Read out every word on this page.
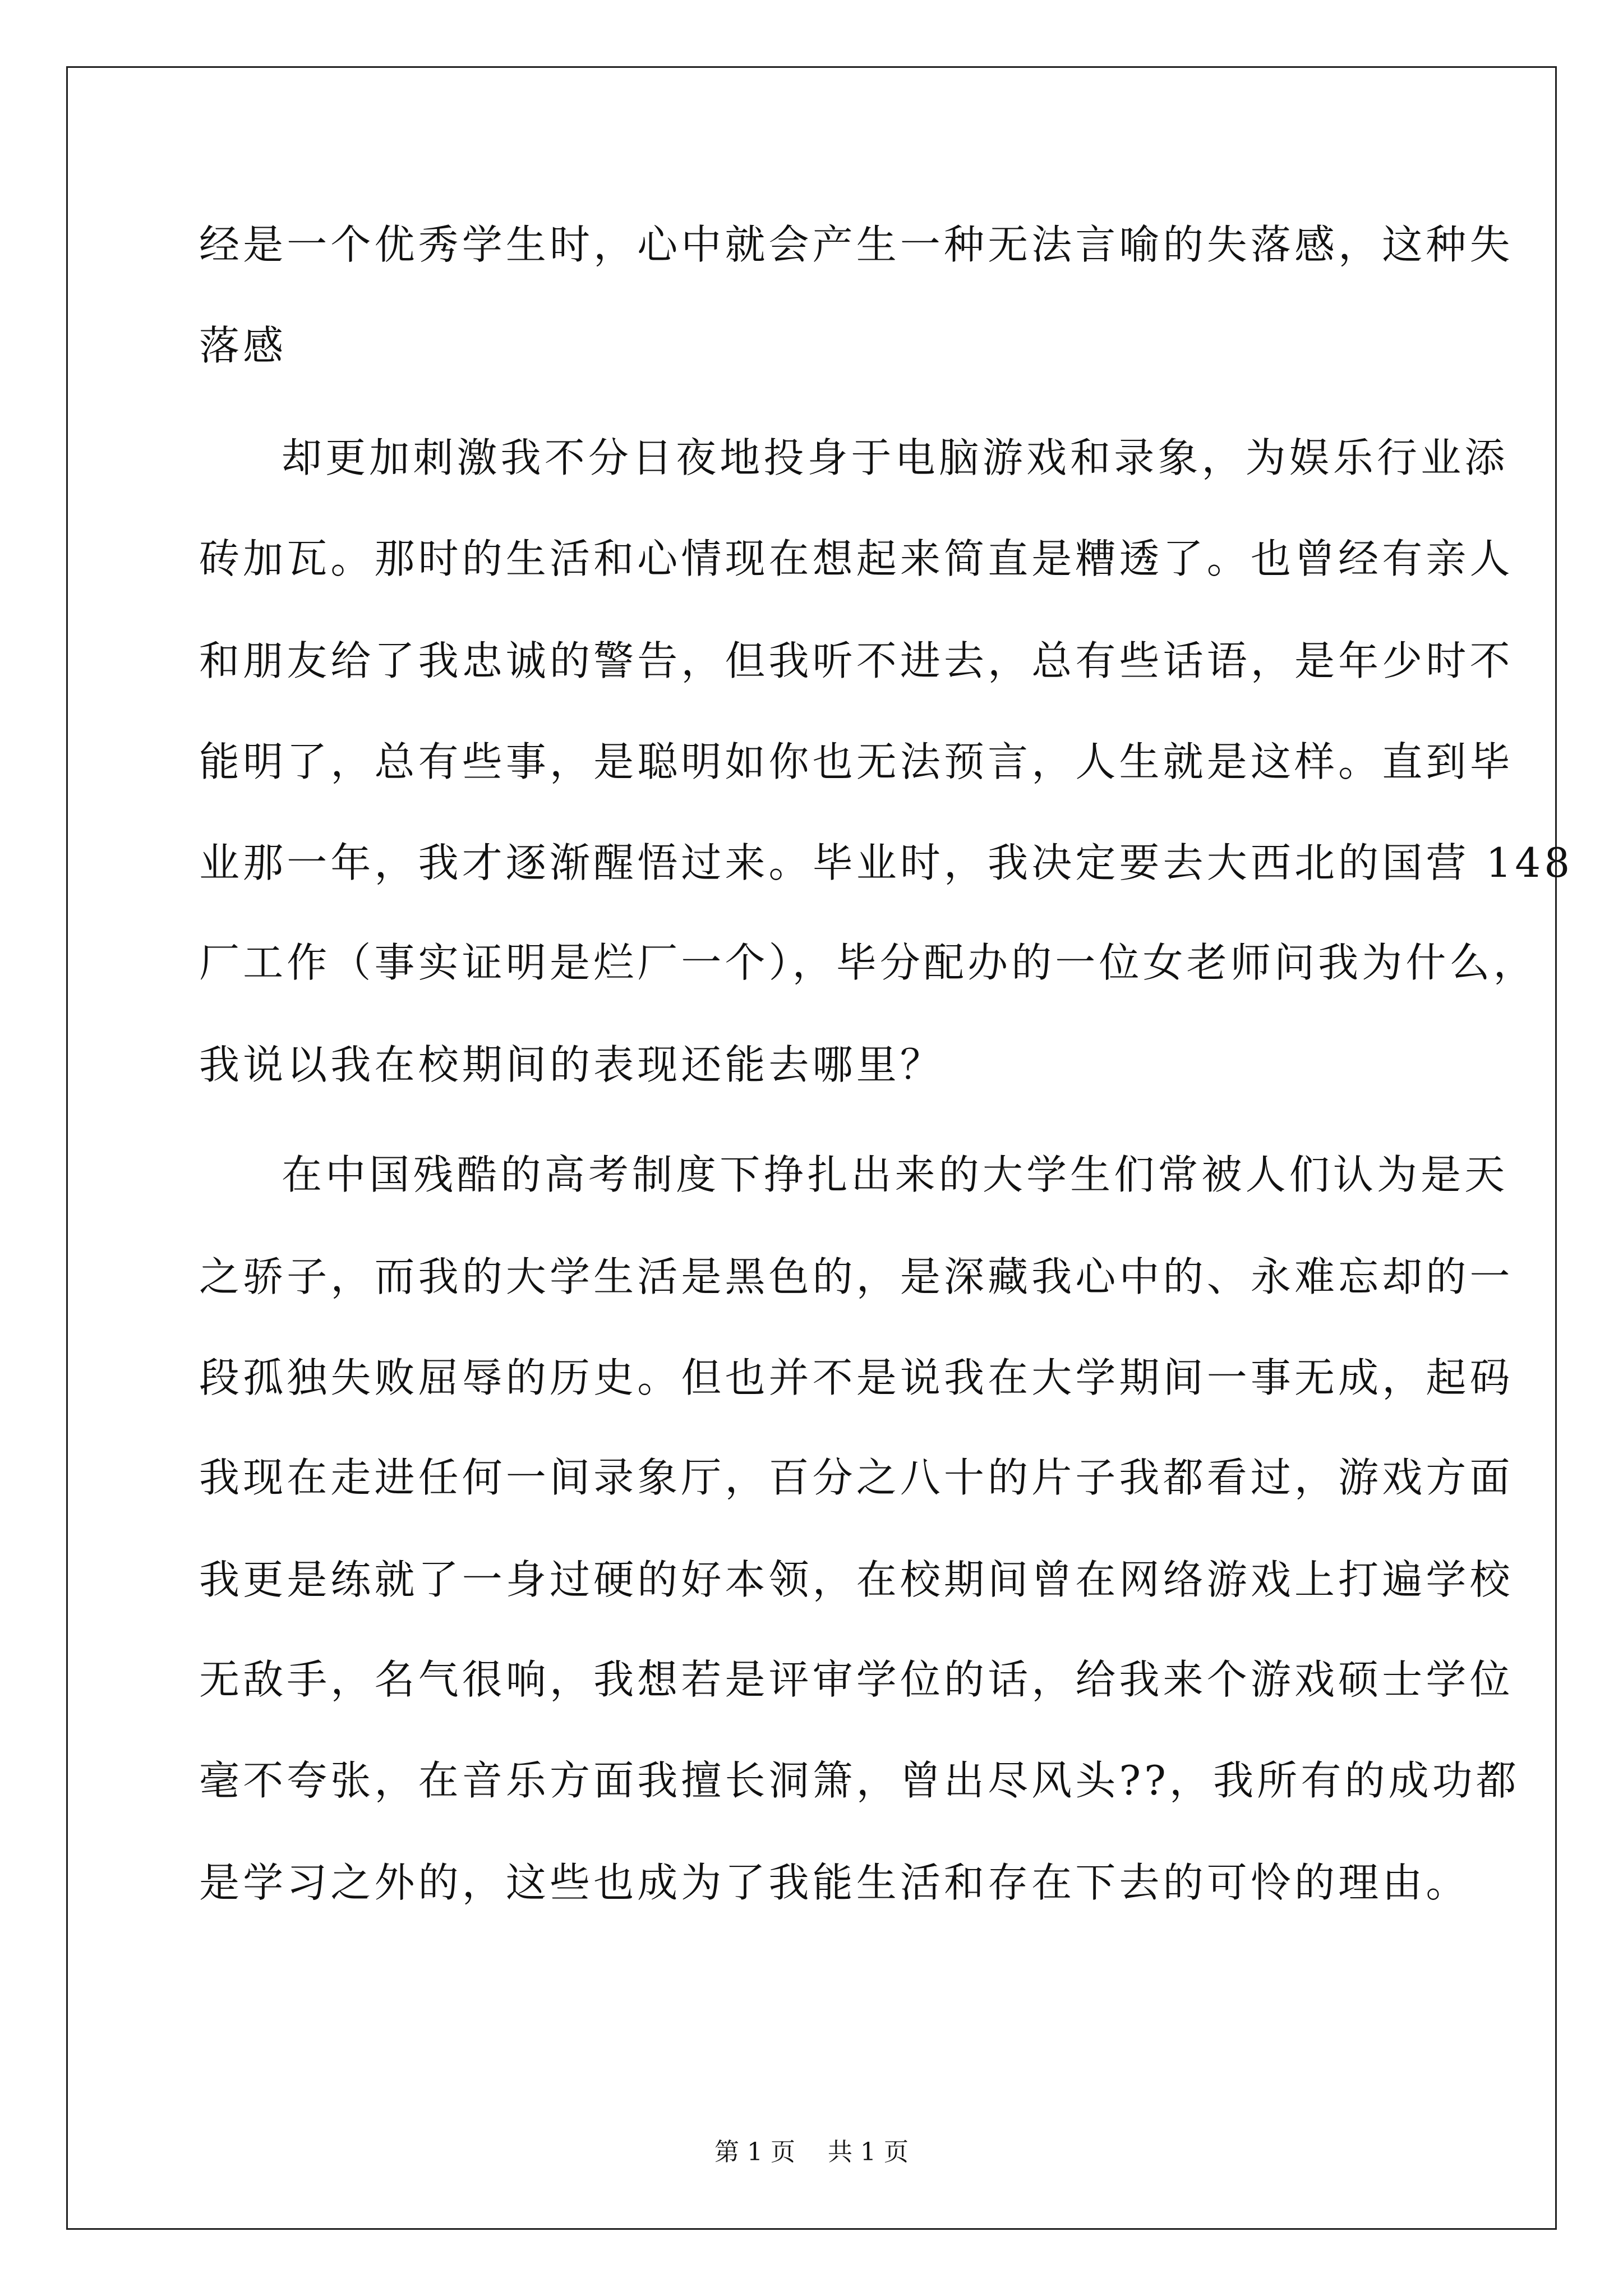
经是一个优秀学生时，心中就会产生一种无法言喻的失落感，这种失
落感
却更加刺激我不分日夜地投身于电脑游戏和录象，为娱乐行业添
砖加瓦。那时的生活和心情现在想起来简直是糟透了。也曾经有亲人
和朋友给了我忠诚的警告，但我听不进去，总有些话语，是年少时不
能明了，总有些事，是聪明如你也无法预言，人生就是这样。直到毕
业那一年，我才逐渐醒悟过来。毕业时，我决定要去大西北的国营 148
厂工作（事实证明是烂厂一个），毕分配办的一位女老师问我为什么，
我说以我在校期间的表现还能去哪里？
在中国残酷的高考制度下挣扎出来的大学生们常被人们认为是天
之骄子，而我的大学生活是黑色的，是深藏我心中的、永难忘却的一
段孤独失败屈辱的历史。但也并不是说我在大学期间一事无成，起码
我现在走进任何一间录象厅，百分之八十的片子我都看过，游戏方面
我更是练就了一身过硬的好本领，在校期间曾在网络游戏上打遍学校
无敌手，名气很响，我想若是评审学位的话，给我来个游戏硕士学位
毫不夸张，在音乐方面我擅长洞箫，曾出尽风头??，我所有的成功都
是学习之外的，这些也成为了我能生活和存在下去的可怜的理由。
第 1 页 共 1 页
